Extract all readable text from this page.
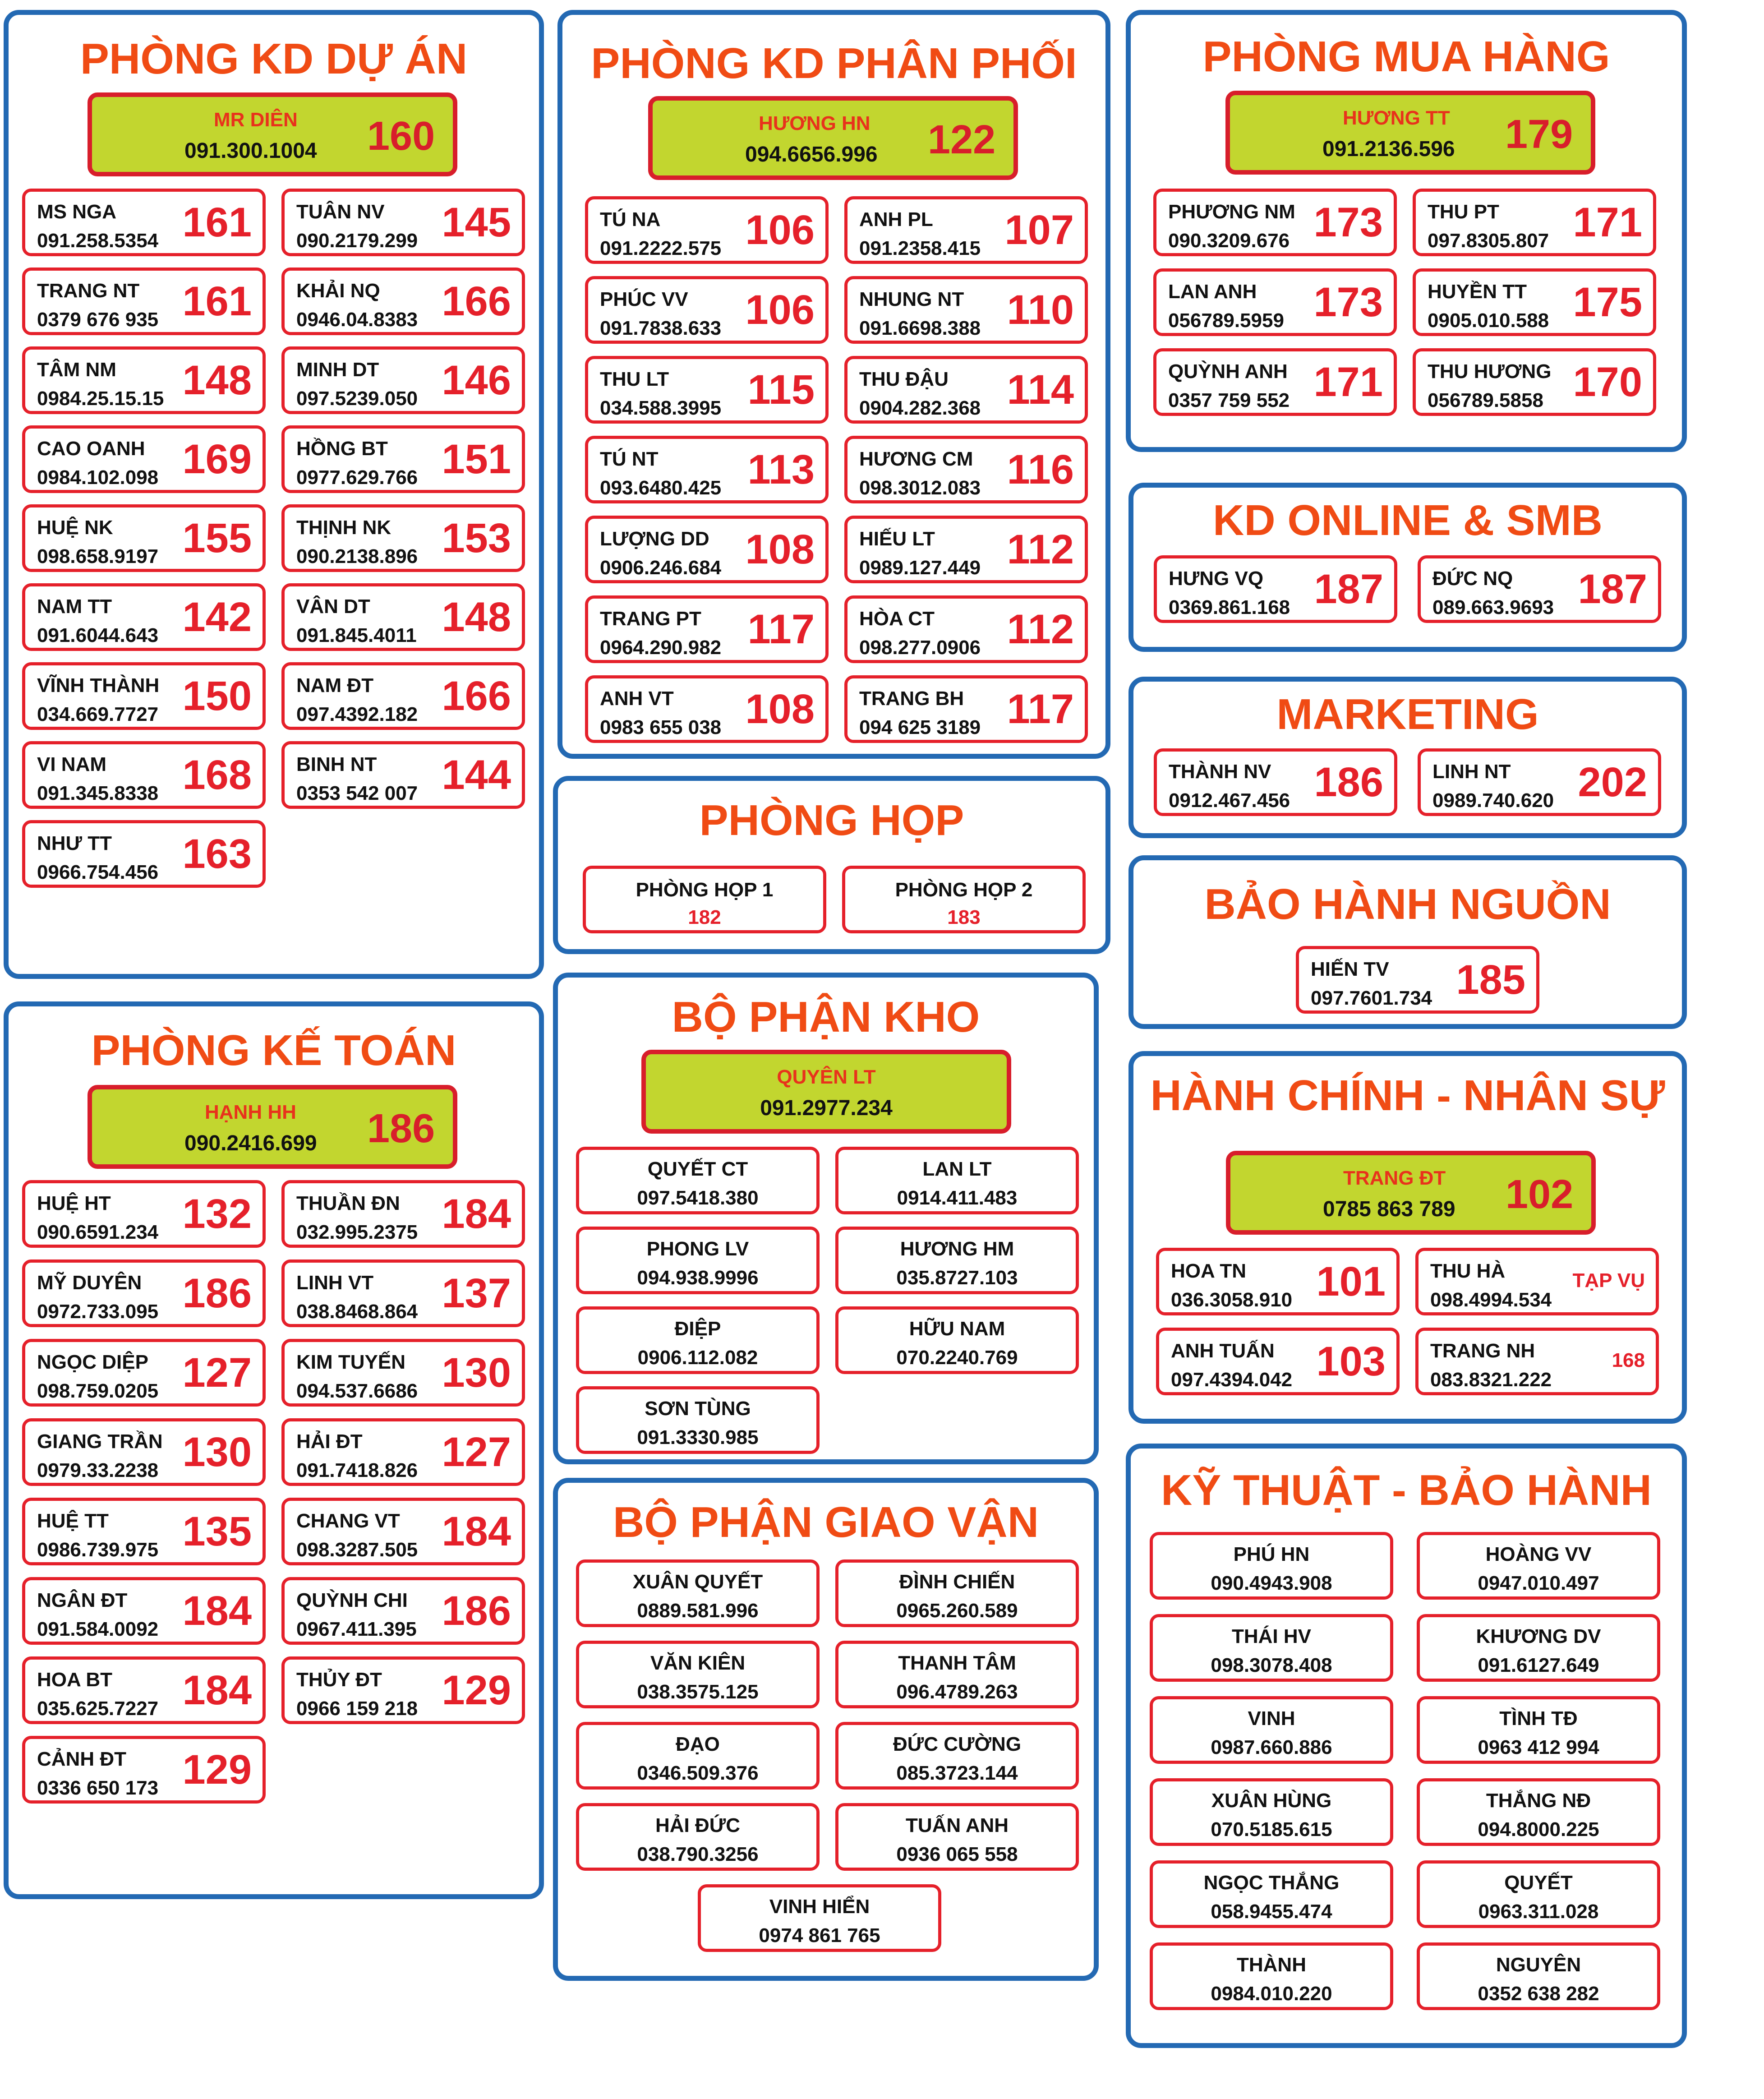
PHÒNG KD DỰ ÁN
MR DIÊN
091.300.1004 160
MS NGA
091.258.5354 161 TUÂN NV
090.2179.299 145
TRANG NT
0379 676 935 161 KHẢI NQ
0946.04.8383 166
TÂM NM
0984.25.15.15 148 MINH DT
097.5239.050 146
CAO OANH
0984.102.098 169 HỒNG BT
0977.629.766 151
HUỆ NK
098.658.9197 155 THỊNH NK
090.2138.896 153
NAM TT
091.6044.643 142 VÂN DT
091.845.4011 148
VĨNH THÀNH
034.669.7727 150 NAM ĐT
097.4392.182 166
VI NAM
091.345.8338 168 BINH NT
0353 542 007 144
NHƯ TT
0966.754.456 163
PHÒNG KD PHÂN PHỐI
HƯƠNG HN
094.6656.996 122
TÚ NA
091.2222.575 106 ANH PL
091.2358.415 107
PHÚC VV
091.7838.633 106 NHUNG NT
091.6698.388 110
THU LT
034.588.3995 115 THU ĐẬU
0904.282.368 114
TÚ NT
093.6480.425 113 HƯƠNG CM
098.3012.083 116
LƯỢNG DD
0906.246.684 108 HIẾU LT
0989.127.449 112
TRANG PT
0964.290.982 117 HÒA CT
098.277.0906 112
ANH VT
0983 655 038 108 TRANG BH
094 625 3189 117
PHÒNG MUA HÀNG
HƯƠNG TT
091.2136.596 179
PHƯƠNG NM
090.3209.676 173 THU PT
097.8305.807 171
LAN ANH
056789.5959 173 HUYỀN TT
0905.010.588 175
QUỲNH ANH
0357 759 552 171 THU HƯƠNG
056789.5858 170
KD ONLINE & SMB
HƯNG VQ
0369.861.168 187 ĐỨC NQ
089.663.9693 187
MARKETING
THÀNH NV
0912.467.456 186 LINH NT
0989.740.620 202
PHÒNG HỌP
PHÒNG HỌP 1
182
PHÒNG HỌP 2
183	BẢO HÀNH NGUỒN
HIẾN TV
097.7601.734 185
PHÒNG KẾ TOÁN
HẠNH HH
090.2416.699 186
HUỆ HT
090.6591.234 132 THUẦN ĐN
032.995.2375 184
MỸ DUYÊN
0972.733.095 186 LINH VT
038.8468.864 137
NGỌC DIỆP
098.759.0205 127 KIM TUYẾN
094.537.6686 130
GIANG TRẦN
0979.33.2238 130 HẢI ĐT
091.7418.826 127
HUỆ TT
0986.739.975 135 CHANG VT
098.3287.505 184
NGÂN ĐT
091.584.0092 184 QUỲNH CHI
0967.411.395 186
HOA BT
035.625.7227 184 THỦY ĐT
0966 159 218 129
CẢNH ĐT
0336 650 173 129
BỘ PHẬN KHO
QUYÊN LT
091.2977.234
QUYẾT CT
097.5418.380
LAN LT
0914.411.483
PHONG LV
094.938.9996
HƯƠNG HM
035.8727.103
ĐIỆP
0906.112.082
HỮU NAM
070.2240.769
SƠN TÙNG
091.3330.985
BỘ PHẬN GIAO VẬN
XUÂN QUYẾT
0889.581.996
ĐÌNH CHIẾN
0965.260.589
VĂN KIÊN
038.3575.125
THANH TÂM
096.4789.263
ĐẠO
0346.509.376
ĐỨC CƯỜNG
085.3723.144
HẢI ĐỨC
038.790.3256
TUẤN ANH
0936 065 558
VINH HIỂN
0974 861 765
HÀNH CHÍNH - NHÂN SỰ
TRANG ĐT
0785 863 789 102
HOA TN
036.3058.910 101 THU HÀ
098.4994.534
TẠP VỤ
ANH TUẤN
097.4394.042 103 TRANG NH
083.8321.222
168
KỸ THUẬT - BẢO HÀNH
PHÚ HN
090.4943.908
HOÀNG VV
0947.010.497
THÁI HV
098.3078.408
KHƯƠNG DV
091.6127.649
VINH
0987.660.886
TÌNH TĐ
0963 412 994
XUÂN HÙNG
070.5185.615
THẮNG NĐ
094.8000.225
NGỌC THẮNG
058.9455.474
QUYẾT
0963.311.028
THÀNH
0984.010.220
NGUYÊN
0352 638 282
